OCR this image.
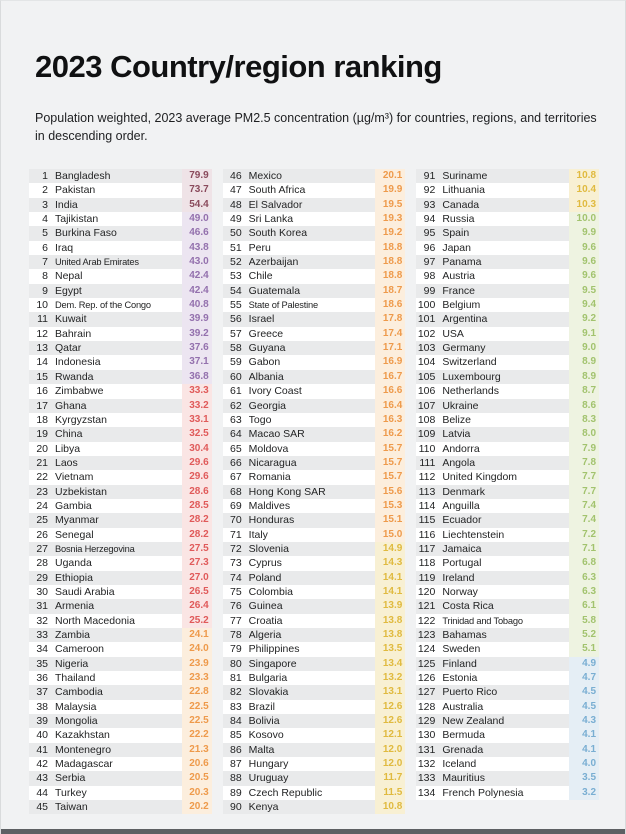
2023 Country/region ranking

Population weighted, 2023 average PM2.5 concentration (µg/m³) for countries, regions, and territories in descending order.

1 Bangladesh	79.9
2 Pakistan	73.7
3 India	54.4
4 Tajikistan	49.0
5 Burkina Faso	46.6
6 Iraq	43.8
7 United Arab Emirates	43.0
8 Nepal	42.4
9 Egypt	42.4
10 Dem. Rep. of the Congo	40.8
11 Kuwait	39.9
12 Bahrain	39.2
13 Qatar	37.6
14 Indonesia	37.1
15 Rwanda	36.8
16 Zimbabwe	33.3
17 Ghana	33.2
18 Kyrgyzstan	33.1
19 China	32.5
20 Libya	30.4
21 Laos	29.6
22 Vietnam	29.6
23 Uzbekistan	28.6
24 Gambia	28.5
25 Myanmar	28.2
26 Senegal	28.2
27 Bosnia Herzegovina	27.5
28 Uganda	27.3
29 Ethiopia	27.0
30 Saudi Arabia	26.5
31 Armenia	26.4
32 North Macedonia	25.2
33 Zambia	24.1
34 Cameroon	24.0
35 Nigeria	23.9
36 Thailand	23.3
37 Cambodia	22.8
38 Malaysia	22.5
39 Mongolia	22.5
40 Kazakhstan	22.2
41 Montenegro	21.3
42 Madagascar	20.6
43 Serbia	20.5
44 Turkey	20.3
45 Taiwan	20.2
46 Mexico	20.1
47 South Africa	19.9
48 El Salvador	19.5
49 Sri Lanka	19.3
50 South Korea	19.2
51 Peru	18.8
52 Azerbaijan	18.8
53 Chile	18.8
54 Guatemala	18.7
55 State of Palestine	18.6
56 Israel	17.8
57 Greece	17.4
58 Guyana	17.1
59 Gabon	16.9
60 Albania	16.7
61 Ivory Coast	16.6
62 Georgia	16.4
63 Togo	16.3
64 Macao SAR	16.2
65 Moldova	15.7
66 Nicaragua	15.7
67 Romania	15.7
68 Hong Kong SAR	15.6
69 Maldives	15.3
70 Honduras	15.1
71 Italy	15.0
72 Slovenia	14.9
73 Cyprus	14.3
74 Poland	14.1
75 Colombia	14.1
76 Guinea	13.9
77 Croatia	13.8
78 Algeria	13.8
79 Philippines	13.5
80 Singapore	13.4
81 Bulgaria	13.2
82 Slovakia	13.1
83 Brazil	12.6
84 Bolivia	12.6
85 Kosovo	12.1
86 Malta	12.0
87 Hungary	12.0
88 Uruguay	11.7
89 Czech Republic	11.5
90 Kenya	10.8
91 Suriname	10.8
92 Lithuania	10.4
93 Canada	10.3
94 Russia	10.0
95 Spain	9.9
96 Japan	9.6
97 Panama	9.6
98 Austria	9.6
99 France	9.5
100 Belgium	9.4
101 Argentina	9.2
102 USA	9.1
103 Germany	9.0
104 Switzerland	8.9
105 Luxembourg	8.9
106 Netherlands	8.7
107 Ukraine	8.6
108 Belize	8.3
109 Latvia	8.0
110 Andorra	7.9
111 Angola	7.8
112 United Kingdom	7.7
113 Denmark	7.7
114 Anguilla	7.4
115 Ecuador	7.4
116 Liechtenstein	7.2
117 Jamaica	7.1
118 Portugal	6.8
119 Ireland	6.3
120 Norway	6.3
121 Costa Rica	6.1
122 Trinidad and Tobago	5.8
123 Bahamas	5.2
124 Sweden	5.1
125 Finland	4.9
126 Estonia	4.7
127 Puerto Rico	4.5
128 Australia	4.5
129 New Zealand	4.3
130 Bermuda	4.1
131 Grenada	4.1
132 Iceland	4.0
133 Mauritius	3.5
134 French Polynesia	3.2
